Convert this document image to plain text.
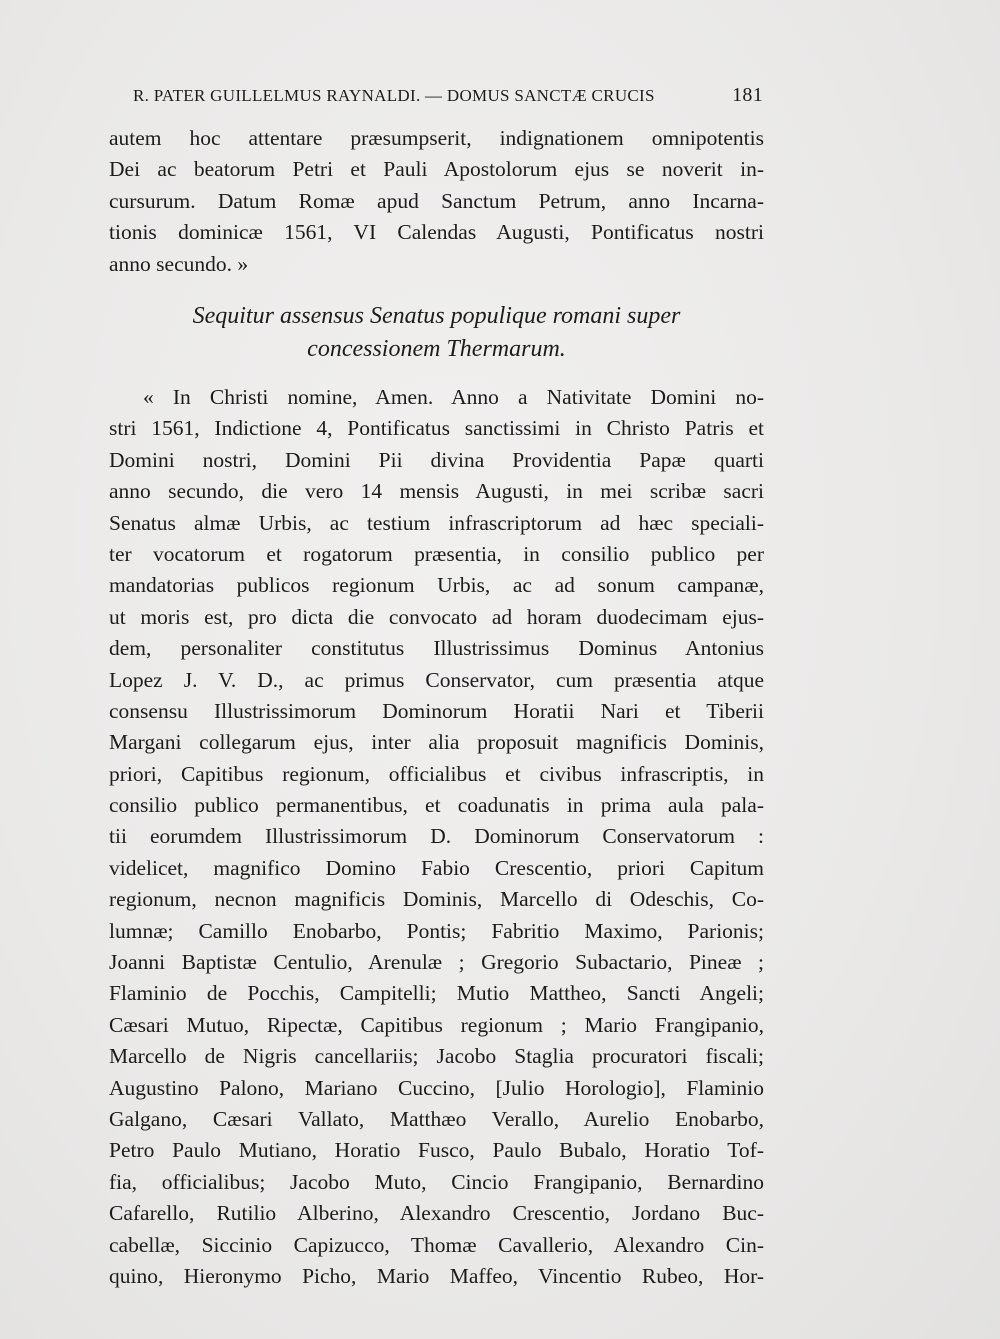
R. PATER GUILLELMUS RAYNALDI. — DOMUS SANCTÆ CRUCIS	181
autem hoc attentare præsumpserit, indignationem omnipotentis
Dei ac beatorum Petri et Pauli Apostolorum ejus se noverit in-
cursurum. Datum Romæ apud Sanctum Petrum, anno Incarna-
tionis dominicæ 1561, VI Calendas Augusti, Pontificatus nostri
anno secundo. »
Sequitur assensus Senatus populique romani super
concessionem Thermarum.
« In Christi nomine, Amen. Anno a Nativitate Domini no-
stri 1561, Indictione 4, Pontificatus sanctissimi in Christo Patris et
Domini nostri, Domini Pii divina Providentia Papæ quarti
anno secundo, die vero 14 mensis Augusti, in mei scribæ sacri
Senatus almæ Urbis, ac testium infrascriptorum ad hæc speciali-
ter vocatorum et rogatorum præsentia, in consilio publico per
mandatorias publicos regionum Urbis, ac ad sonum campanæ,
ut moris est, pro dicta die convocato ad horam duodecimam ejus-
dem, personaliter constitutus Illustrissimus Dominus Antonius
Lopez J. V. D., ac primus Conservator, cum præsentia atque
consensu Illustrissimorum Dominorum Horatii Nari et Tiberii
Margani collegarum ejus, inter alia proposuit magnificis Dominis,
priori, Capitibus regionum, officialibus et civibus infrascriptis, in
consilio publico permanentibus, et coadunatis in prima aula pala-
tii eorumdem Illustrissimorum D. Dominorum Conservatorum :
videlicet, magnifico Domino Fabio Crescentio, priori Capitum
regionum, necnon magnificis Dominis, Marcello di Odeschis, Co-
lumnæ; Camillo Enobarbo, Pontis; Fabritio Maximo, Parionis;
Joanni Baptistæ Centulio, Arenulæ ; Gregorio Subactario, Pineæ ;
Flaminio de Pocchis, Campitelli; Mutio Mattheo, Sancti Angeli;
Cæsari Mutuo, Ripectæ, Capitibus regionum ; Mario Frangipanio,
Marcello de Nigris cancellariis; Jacobo Staglia procuratori fiscali;
Augustino Palono, Mariano Cuccino, [Julio Horologio], Flaminio
Galgano, Cæsari Vallato, Matthæo Verallo, Aurelio Enobarbo,
Petro Paulo Mutiano, Horatio Fusco, Paulo Bubalo, Horatio Tof-
fia, officialibus; Jacobo Muto, Cincio Frangipanio, Bernardino
Cafarello, Rutilio Alberino, Alexandro Crescentio, Jordano Buc-
cabellæ, Siccinio Capizucco, Thomæ Cavallerio, Alexandro Cin-
quino, Hieronymo Picho, Mario Maffeo, Vincentio Rubeo, Hor-
